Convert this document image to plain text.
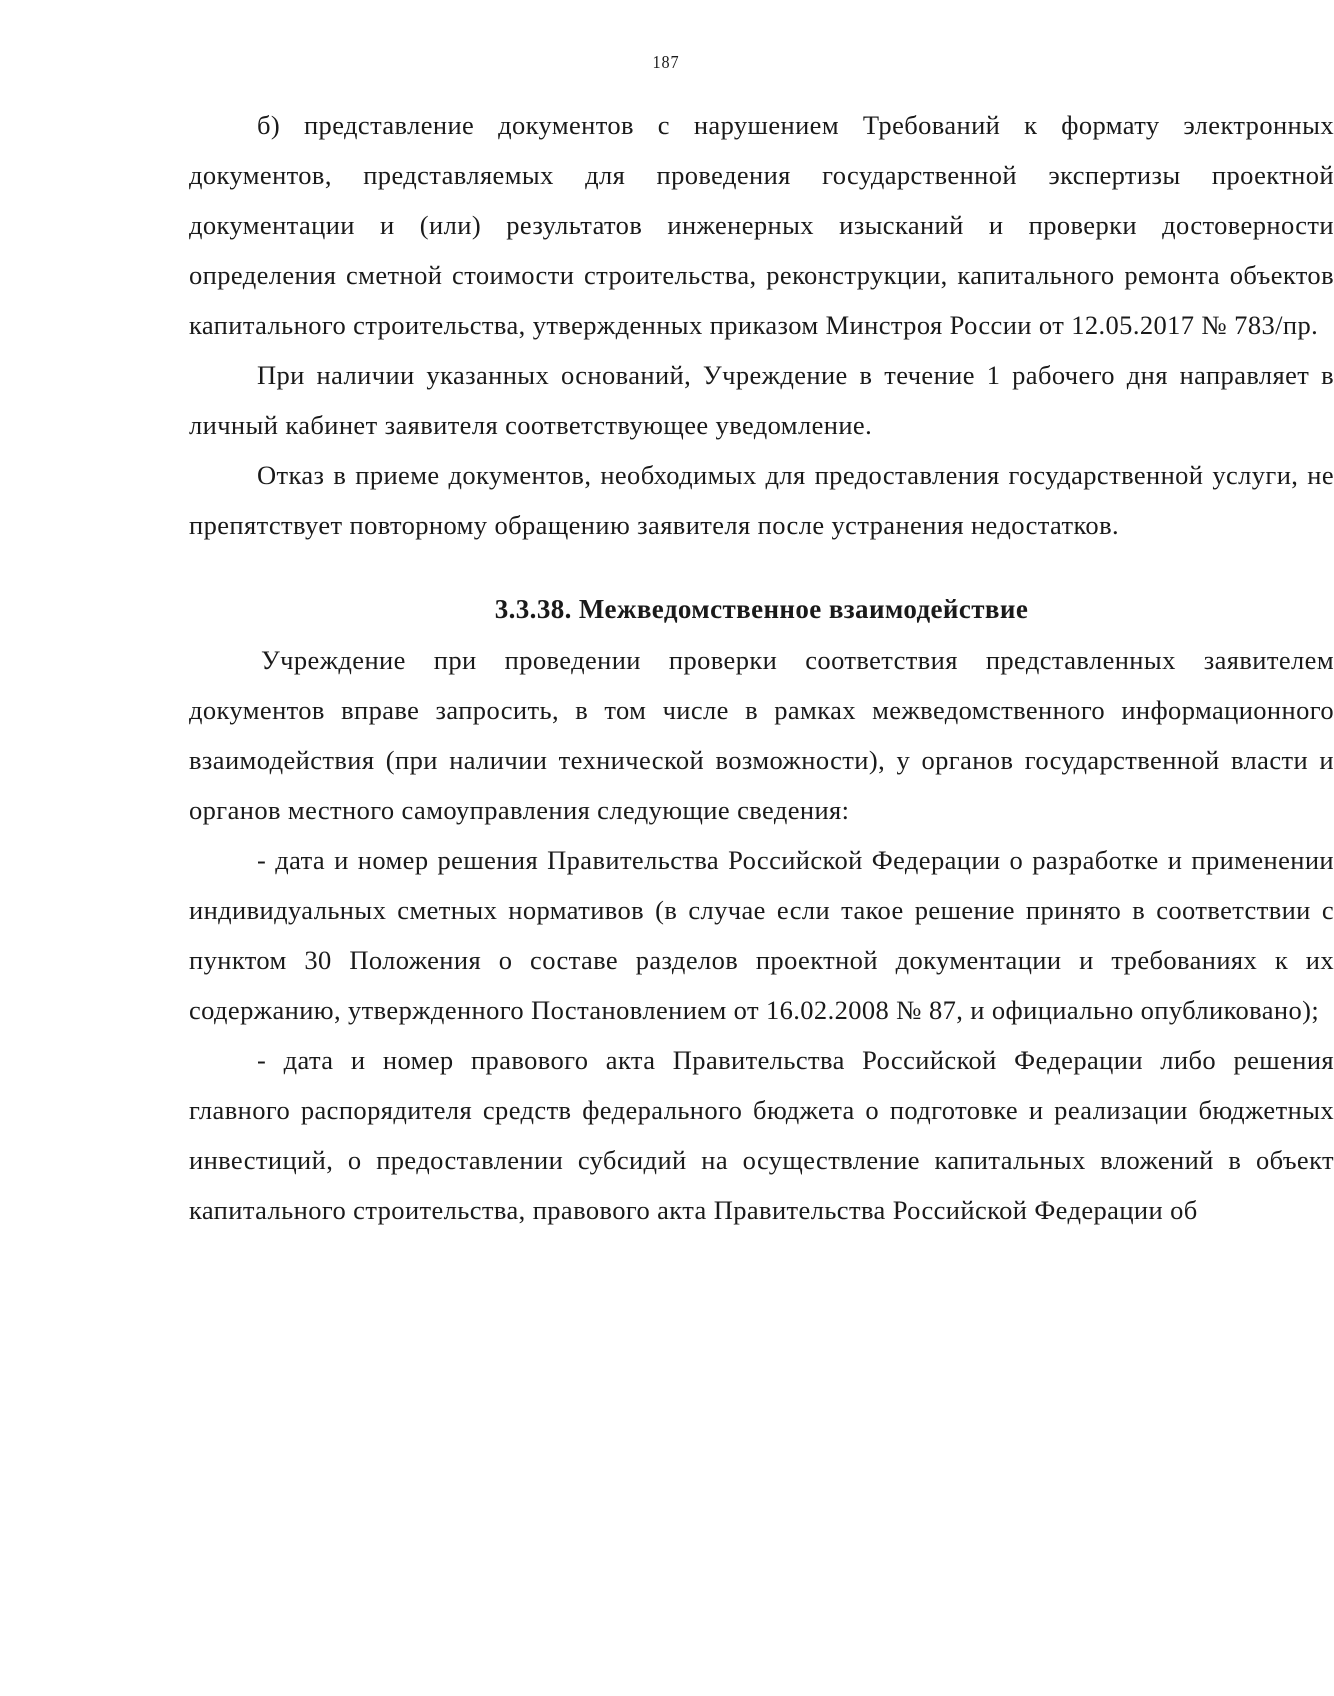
187

б) представление документов с нарушением Требований к формату электронных документов, представляемых для проведения государственной экспертизы проектной документации и (или) результатов инженерных изысканий и проверки достоверности определения сметной стоимости строительства, реконструкции, капитального ремонта объектов капитального строительства, утвержденных приказом Минстроя России от 12.05.2017 № 783/пр.

При наличии указанных оснований, Учреждение в течение 1 рабочего дня направляет в личный кабинет заявителя соответствующее уведомление.

Отказ в приеме документов, необходимых для предоставления государственной услуги, не препятствует повторному обращению заявителя после устранения недостатков.

3.3.38. Межведомственное взаимодействие

Учреждение при проведении проверки соответствия представленных заявителем документов вправе запросить, в том числе в рамках межведомственного информационного взаимодействия (при наличии технической возможности), у органов государственной власти и органов местного самоуправления следующие сведения:

- дата и номер решения Правительства Российской Федерации о разработке и применении индивидуальных сметных нормативов (в случае если такое решение принято в соответствии с пунктом 30 Положения о составе разделов проектной документации и требованиях к их содержанию, утвержденного Постановлением от 16.02.2008 № 87, и официально опубликовано);

- дата и номер правового акта Правительства Российской Федерации либо решения главного распорядителя средств федерального бюджета о подготовке и реализации бюджетных инвестиций, о предоставлении субсидий на осуществление капитальных вложений в объект капитального строительства, правового акта Правительства Российской Федерации об
